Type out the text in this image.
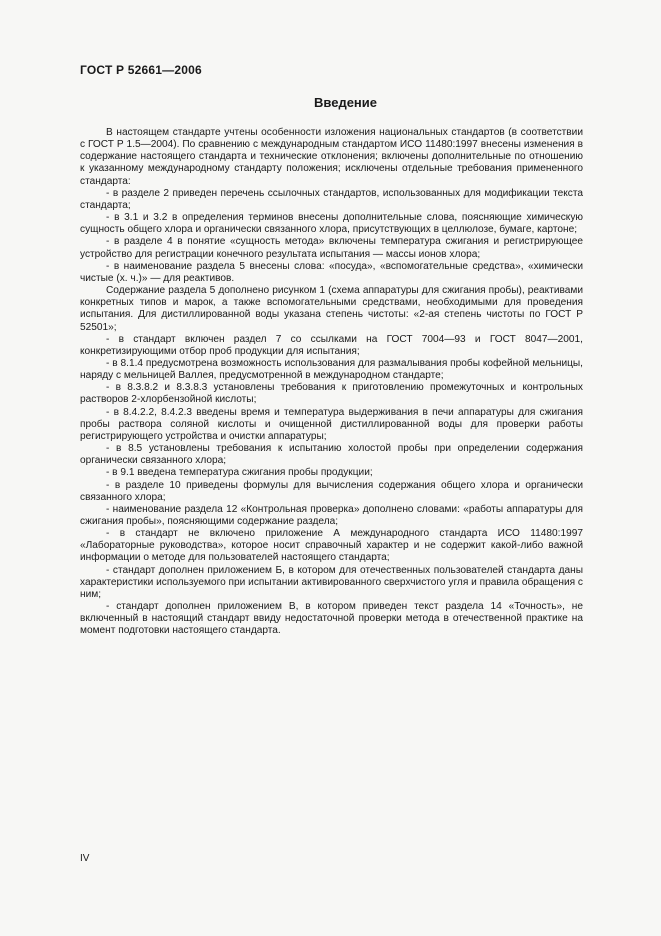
ГОСТ Р 52661—2006
Введение

В настоящем стандарте учтены особенности изложения национальных стандартов (в соответствии с ГОСТ Р 1.5—2004). По сравнению с международным стандартом ИСО 11480:1997 внесены изменения в содержание настоящего стандарта и технические отклонения; включены дополнительные по отношению к указанному международному стандарту положения; исключены отдельные требования примененного стандарта:

- в разделе 2 приведен перечень ссылочных стандартов, использованных для модификации текста стандарта;

- в 3.1 и 3.2 в определения терминов внесены дополнительные слова, поясняющие химическую сущность общего хлора и органически связанного хлора, присутствующих в целлюлозе, бумаге, картоне;

- в разделе 4 в понятие «сущность метода» включены температура сжигания и регистрирующее устройство для регистрации конечного результата испытания — массы ионов хлора;

- в наименование раздела 5 внесены слова: «посуда», «вспомогательные средства», «химически чистые (х. ч.)» — для реактивов.

Содержание раздела 5 дополнено рисунком 1 (схема аппаратуры для сжигания пробы), реактивами конкретных типов и марок, а также вспомогательными средствами, необходимыми для проведения испытания. Для дистиллированной воды указана степень чистоты: «2-ая степень чистоты по ГОСТ Р 52501»;

- в стандарт включен раздел 7 со ссылками на ГОСТ 7004—93 и ГОСТ 8047—2001, конкретизирующими отбор проб продукции для испытания;

- в 8.1.4 предусмотрена возможность использования для размалывания пробы кофейной мельницы, наряду с мельницей Валлея, предусмотренной в международном стандарте;

- в 8.3.8.2 и 8.3.8.3 установлены требования к приготовлению промежуточных и контрольных растворов 2-хлорбензойной кислоты;

- в 8.4.2.2, 8.4.2.3 введены время и температура выдерживания в печи аппаратуры для сжигания пробы раствора соляной кислоты и очищенной дистиллированной воды для проверки работы регистрирующего устройства и очистки аппаратуры;

- в 8.5 установлены требования к испытанию холостой пробы при определении содержания органически связанного хлора;

- в 9.1 введена температура сжигания пробы продукции;

- в разделе 10 приведены формулы для вычисления содержания общего хлора и органически связанного хлора;

- наименование раздела 12 «Контрольная проверка» дополнено словами: «работы аппаратуры для сжигания пробы», поясняющими содержание раздела;

- в стандарт не включено приложение А международного стандарта ИСО 11480:1997 «Лабораторные руководства», которое носит справочный характер и не содержит какой-либо важной информации о методе для пользователей настоящего стандарта;

- стандарт дополнен приложением Б, в котором для отечественных пользователей стандарта даны характеристики используемого при испытании активированного сверхчистого угля и правила обращения с ним;

- стандарт дополнен приложением В, в котором приведен текст раздела 14 «Точность», не включенный в настоящий стандарт ввиду недостаточной проверки метода в отечественной практике на момент подготовки настоящего стандарта.

IV
